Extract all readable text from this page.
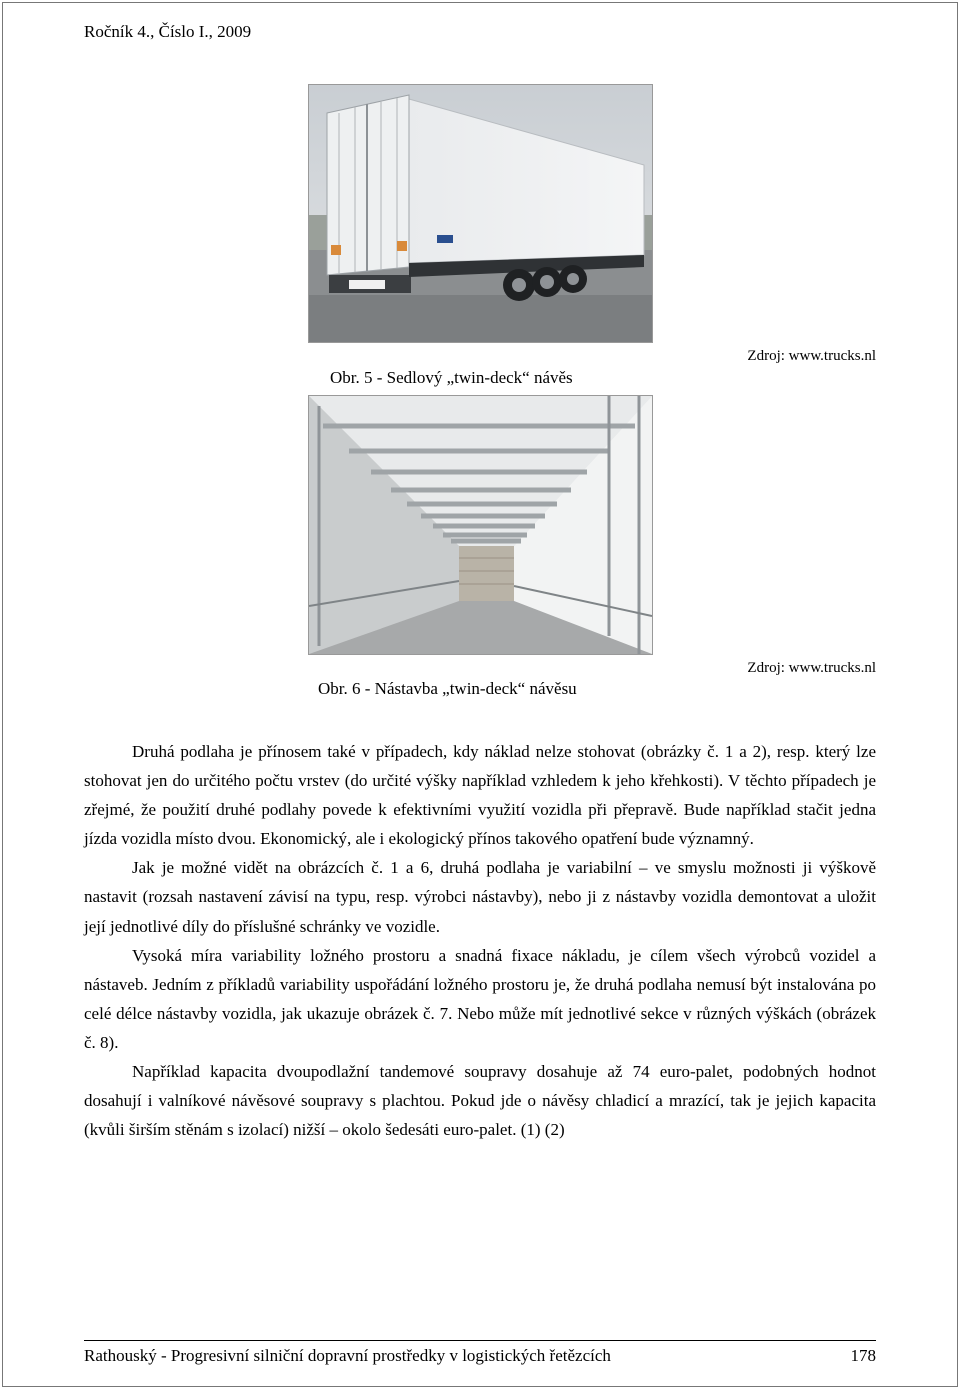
Ročník 4., Číslo I., 2009
Obr. 5 - Sedlový „twin-deck“ návěs
Zdroj: www.trucks.nl
Obr. 6 - Nástavba „twin-deck“ návěsu
Zdroj: www.trucks.nl

Druhá podlaha je přínosem také v případech, kdy náklad nelze stohovat (obrázky č. 1 a 2), resp. který lze stohovat jen do určitého počtu vrstev (do určité výšky například vzhledem k jeho křehkosti). V těchto případech je zřejmé, že použití druhé podlahy povede k efektivními využití vozidla při přepravě. Bude například stačit jedna jízda vozidla místo dvou. Ekonomický, ale i ekologický přínos takového opatření bude významný.

Jak je možné vidět na obrázcích č. 1 a 6, druhá podlaha je variabilní – ve smyslu možnosti ji výškově nastavit (rozsah nastavení závisí na typu, resp. výrobci nástavby), nebo ji z nástavby vozidla demontovat a uložit její jednotlivé díly do příslušné schránky ve vozidle.

Vysoká míra variability ložného prostoru a snadná fixace nákladu, je cílem všech výrobců vozidel a nástaveb. Jedním z příkladů variability uspořádání ložného prostoru je, že druhá podlaha nemusí být instalována po celé délce nástavby vozidla, jak ukazuje obrázek č. 7. Nebo může mít jednotlivé sekce v různých výškách (obrázek č. 8).

Například kapacita dvoupodlažní tandemové soupravy dosahuje až 74 euro-palet, podobných hodnot dosahují i valníkové návěsové soupravy s plachtou. Pokud jde o návěsy chladicí a mrazící, tak je jejich kapacita (kvůli širším stěnám s izolací) nižší – okolo šedesáti euro-palet. (1) (2)

Rathouský - Progresivní silniční dopravní prostředky v logistických řetězcích	178
